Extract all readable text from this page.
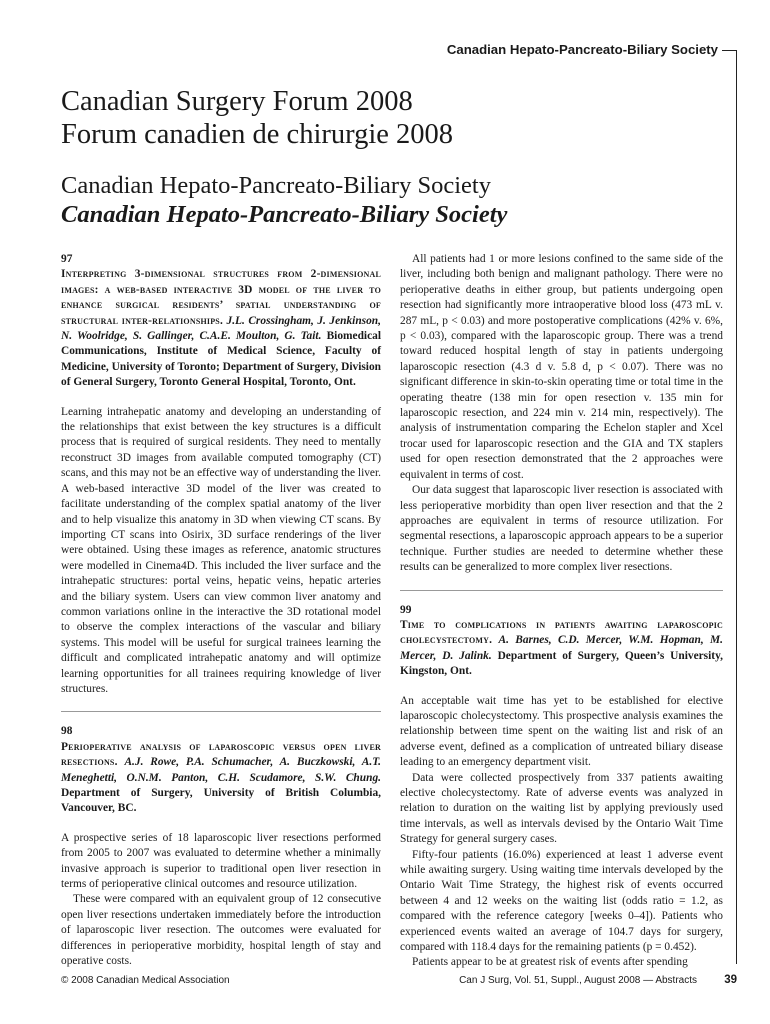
Canadian Hepato-Pancreato-Biliary Society
Canadian Surgery Forum 2008
Forum canadien de chirurgie 2008
Canadian Hepato-Pancreato-Biliary Society
Canadian Hepato-Pancreato-Biliary Society

97

Interpreting 3-dimensional structures from 2-dimensional images: a web-based interactive 3D model of the liver to enhance surgical residents’ spatial understanding of structural inter-relationships. J.L. Crossingham, J. Jenkinson, N. Woolridge, S. Gallinger, C.A.E. Moulton, G. Tait. Biomedical Communications, Institute of Medical Science, Faculty of Medicine, University of Toronto; Department of Surgery, Division of General Surgery, Toronto General Hospital, Toronto, Ont.

Learning intrahepatic anatomy and developing an understanding of the relationships that exist between the key structures is a difficult process that is required of surgical residents. They need to mentally reconstruct 3D images from available computed tomography (CT) scans, and this may not be an effective way of understanding the liver. A web-based interactive 3D model of the liver was created to facilitate understanding of the complex spatial anatomy of the liver and to help visualize this anatomy in 3D when viewing CT scans. By importing CT scans into Osirix, 3D surface renderings of the liver were obtained. Using these images as reference, anatomic structures were modelled in Cinema4D. This included the liver surface and the intrahepatic structures: portal veins, hepatic veins, hepatic arteries and the biliary system. Users can view common liver anatomy and common variations online in the interactive the 3D rotational model to observe the complex interactions of the vascular and biliary systems. This model will be useful for surgical trainees learning the difficult and complicated intrahepatic anatomy and will optimize learning opportunities for all trainees requiring knowledge of liver structures.

98

Perioperative analysis of laparoscopic versus open liver resections. A.J. Rowe, P.A. Schumacher, A. Buczkowski, A.T. Meneghetti, O.N.M. Panton, C.H. Scudamore, S.W. Chung. Department of Surgery, University of British Columbia, Vancouver, BC.

A prospective series of 18 laparoscopic liver resections performed from 2005 to 2007 was evaluated to determine whether a minimally invasive approach is superior to traditional open liver resection in terms of perioperative clinical outcomes and resource utilization.

These were compared with an equivalent group of 12 consecutive open liver resections undertaken immediately before the introduction of laparoscopic liver resection. The outcomes were evaluated for differences in perioperative morbidity, hospital length of stay and operative costs.

All patients had 1 or more lesions confined to the same side of the liver, including both benign and malignant pathology. There were no perioperative deaths in either group, but patients undergoing open resection had significantly more intraoperative blood loss (473 mL v. 287 mL, p < 0.03) and more postoperative complications (42% v. 6%, p < 0.03), compared with the laparoscopic group. There was a trend toward reduced hospital length of stay in patients undergoing laparoscopic resection (4.3 d v. 5.8 d, p < 0.07). There was no significant difference in skin-to-skin operating time or total time in the operating theatre (138 min for open resection v. 135 min for laparoscopic resection, and 224 min v. 214 min, respectively). The analysis of instrumentation comparing the Echelon stapler and Xcel trocar used for laparoscopic resection and the GIA and TX staplers used for open resection demonstrated that the 2 approaches were equivalent in terms of cost.

Our data suggest that laparoscopic liver resection is associated with less perioperative morbidity than open liver resection and that the 2 approaches are equivalent in terms of resource utilization. For segmental resections, a laparoscopic approach appears to be a superior technique. Further studies are needed to determine whether these results can be generalized to more complex liver resections.

99

Time to complications in patients awaiting laparoscopic cholecystectomy. A. Barnes, C.D. Mercer, W.M. Hopman, M. Mercer, D. Jalink. Department of Surgery, Queen’s University, Kingston, Ont.

An acceptable wait time has yet to be established for elective laparoscopic cholecystectomy. This prospective analysis examines the relationship between time spent on the waiting list and risk of an adverse event, defined as a complication of untreated biliary disease leading to an emergency department visit.

Data were collected prospectively from 337 patients awaiting elective cholecystectomy. Rate of adverse events was analyzed in relation to duration on the waiting list by applying previously used time intervals, as well as intervals devised by the Ontario Wait Time Strategy for general surgery cases.

Fifty-four patients (16.0%) experienced at least 1 adverse event while awaiting surgery. Using waiting time intervals developed by the Ontario Wait Time Strategy, the highest risk of events occurred between 4 and 12 weeks on the waiting list (odds ratio = 1.2, as compared with the reference category [weeks 0–4]). Patients who experienced events waited an average of 104.7 days for surgery, compared with 118.4 days for the remaining patients (p = 0.452).

Patients appear to be at greatest risk of events after spending

© 2008 Canadian Medical Association	Can J Surg, Vol. 51, Suppl., August 2008 — Abstracts 39
